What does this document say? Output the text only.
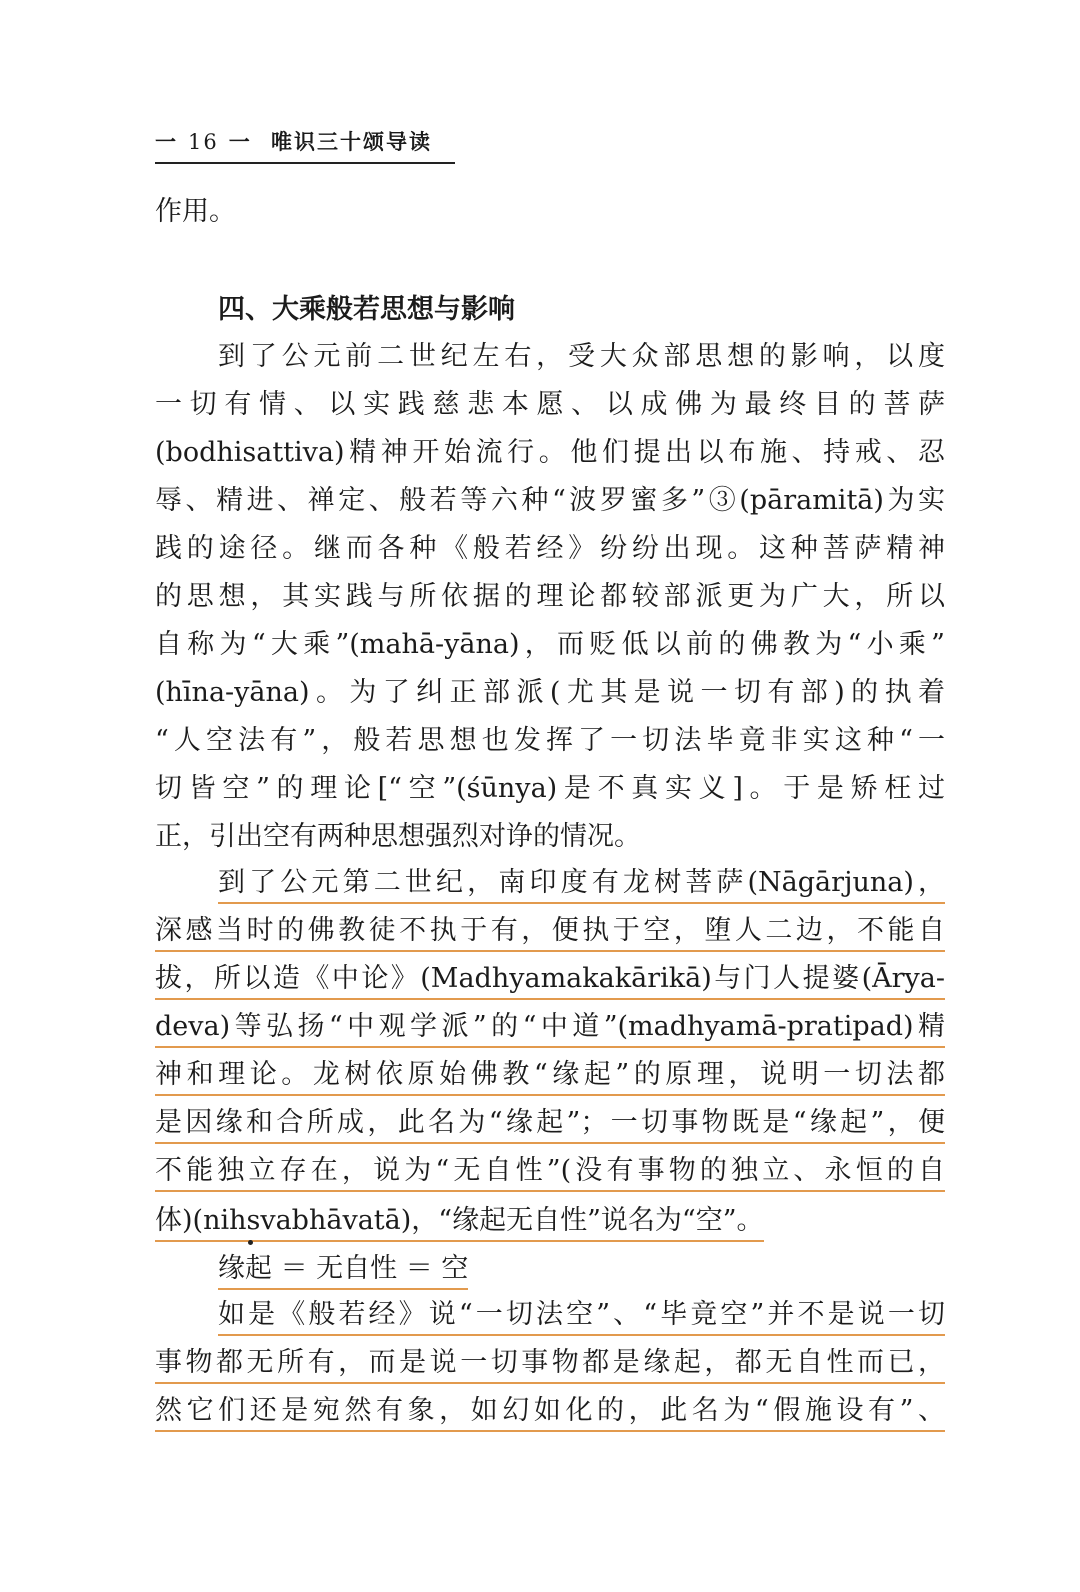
一 16 一 唯识三十颂导读
作用。
四、大乘般若思想与影响
到了公元前二世纪左右，受大众部思想的影响，以度
一切有情、以实践慈悲本愿、以成佛为最终目的菩萨
(bodhisattiva)精神开始流行。他们提出以布施、持戒、忍
辱、精进、禅定、般若等六种“波罗蜜多”③(pāramitā)为实
践的途径。继而各种《般若经》纷纷出现。这种菩萨精神
的思想，其实践与所依据的理论都较部派更为广大，所以
自称为“大乘”(mahā-yāna)，而贬低以前的佛教为“小乘”
(hīna-yāna)。为了纠正部派(尤其是说一切有部)的执着
“人空法有”，般若思想也发挥了一切法毕竟非实这种“一
切皆空”的理论[“空”(śūnya)是不真实义]。于是矫枉过
正，引出空有两种思想强烈对诤的情况。
到了公元第二世纪，南印度有龙树菩萨(Nāgārjuna)，
深感当时的佛教徒不执于有，便执于空，堕人二边，不能自
拔，所以造《中论》(Madhyamakakārikā)与门人提婆(Ārya-
deva)等弘扬“中观学派”的“中道”(madhyamā-pratipad)精
神和理论。龙树依原始佛教“缘起”的原理，说明一切法都
是因缘和合所成，此名为“缘起”；一切事物既是“缘起”，便
不能独立存在，说为“无自性”(没有事物的独立、永恒的自
体)(nihsvabhāvatā)，“缘起无自性”说名为“空”。
缘起 ＝ 无自性 ＝ 空
如是《般若经》说“一切法空”、“毕竟空”并不是说一切
事物都无所有，而是说一切事物都是缘起，都无自性而已，
然它们还是宛然有象，如幻如化的，此名为“假施设有”、
